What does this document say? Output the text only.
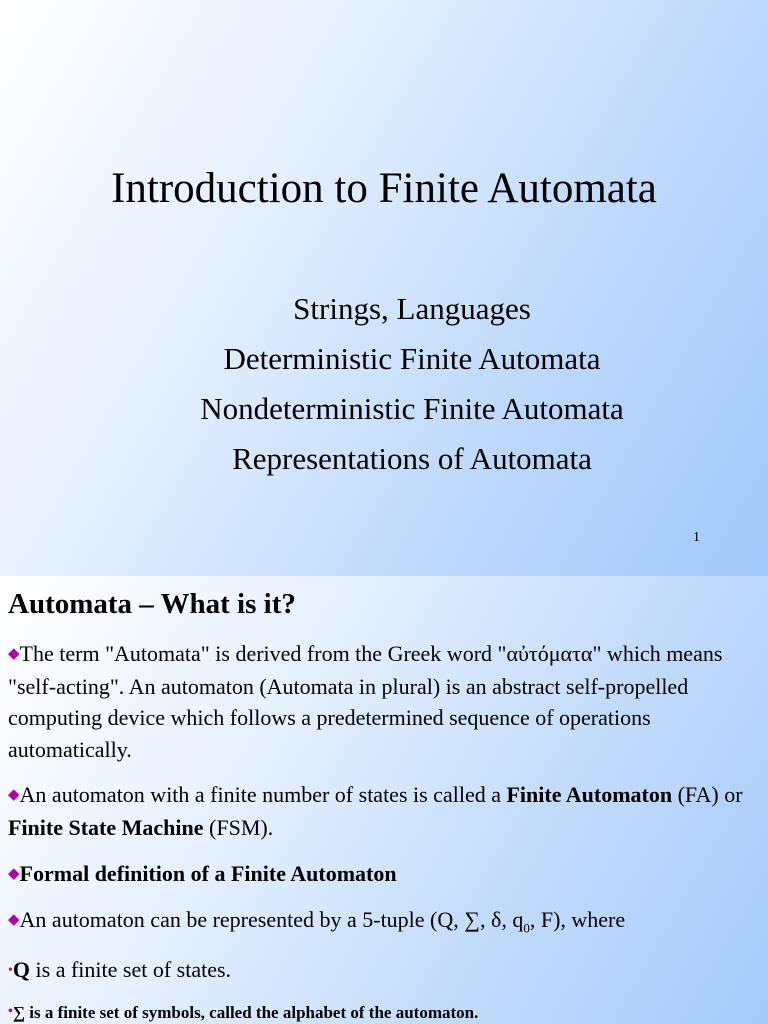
Introduction to Finite Automata
Strings, Languages
Deterministic Finite Automata
Nondeterministic Finite Automata
Representations of Automata
1
Automata – What is it?
◆The term "Automata" is derived from the Greek word "αὐτόματα" which means "self-acting". An automaton (Automata in plural) is an abstract self-propelled computing device which follows a predetermined sequence of operations automatically.
◆An automaton with a finite number of states is called a Finite Automaton (FA) or Finite State Machine (FSM).
◆Formal definition of a Finite Automaton
◆An automaton can be represented by a 5-tuple (Q, ∑, δ, $q_0$, F), where
•Q is a finite set of states.
•∑ is a finite set of symbols, called the alphabet of the automaton.
